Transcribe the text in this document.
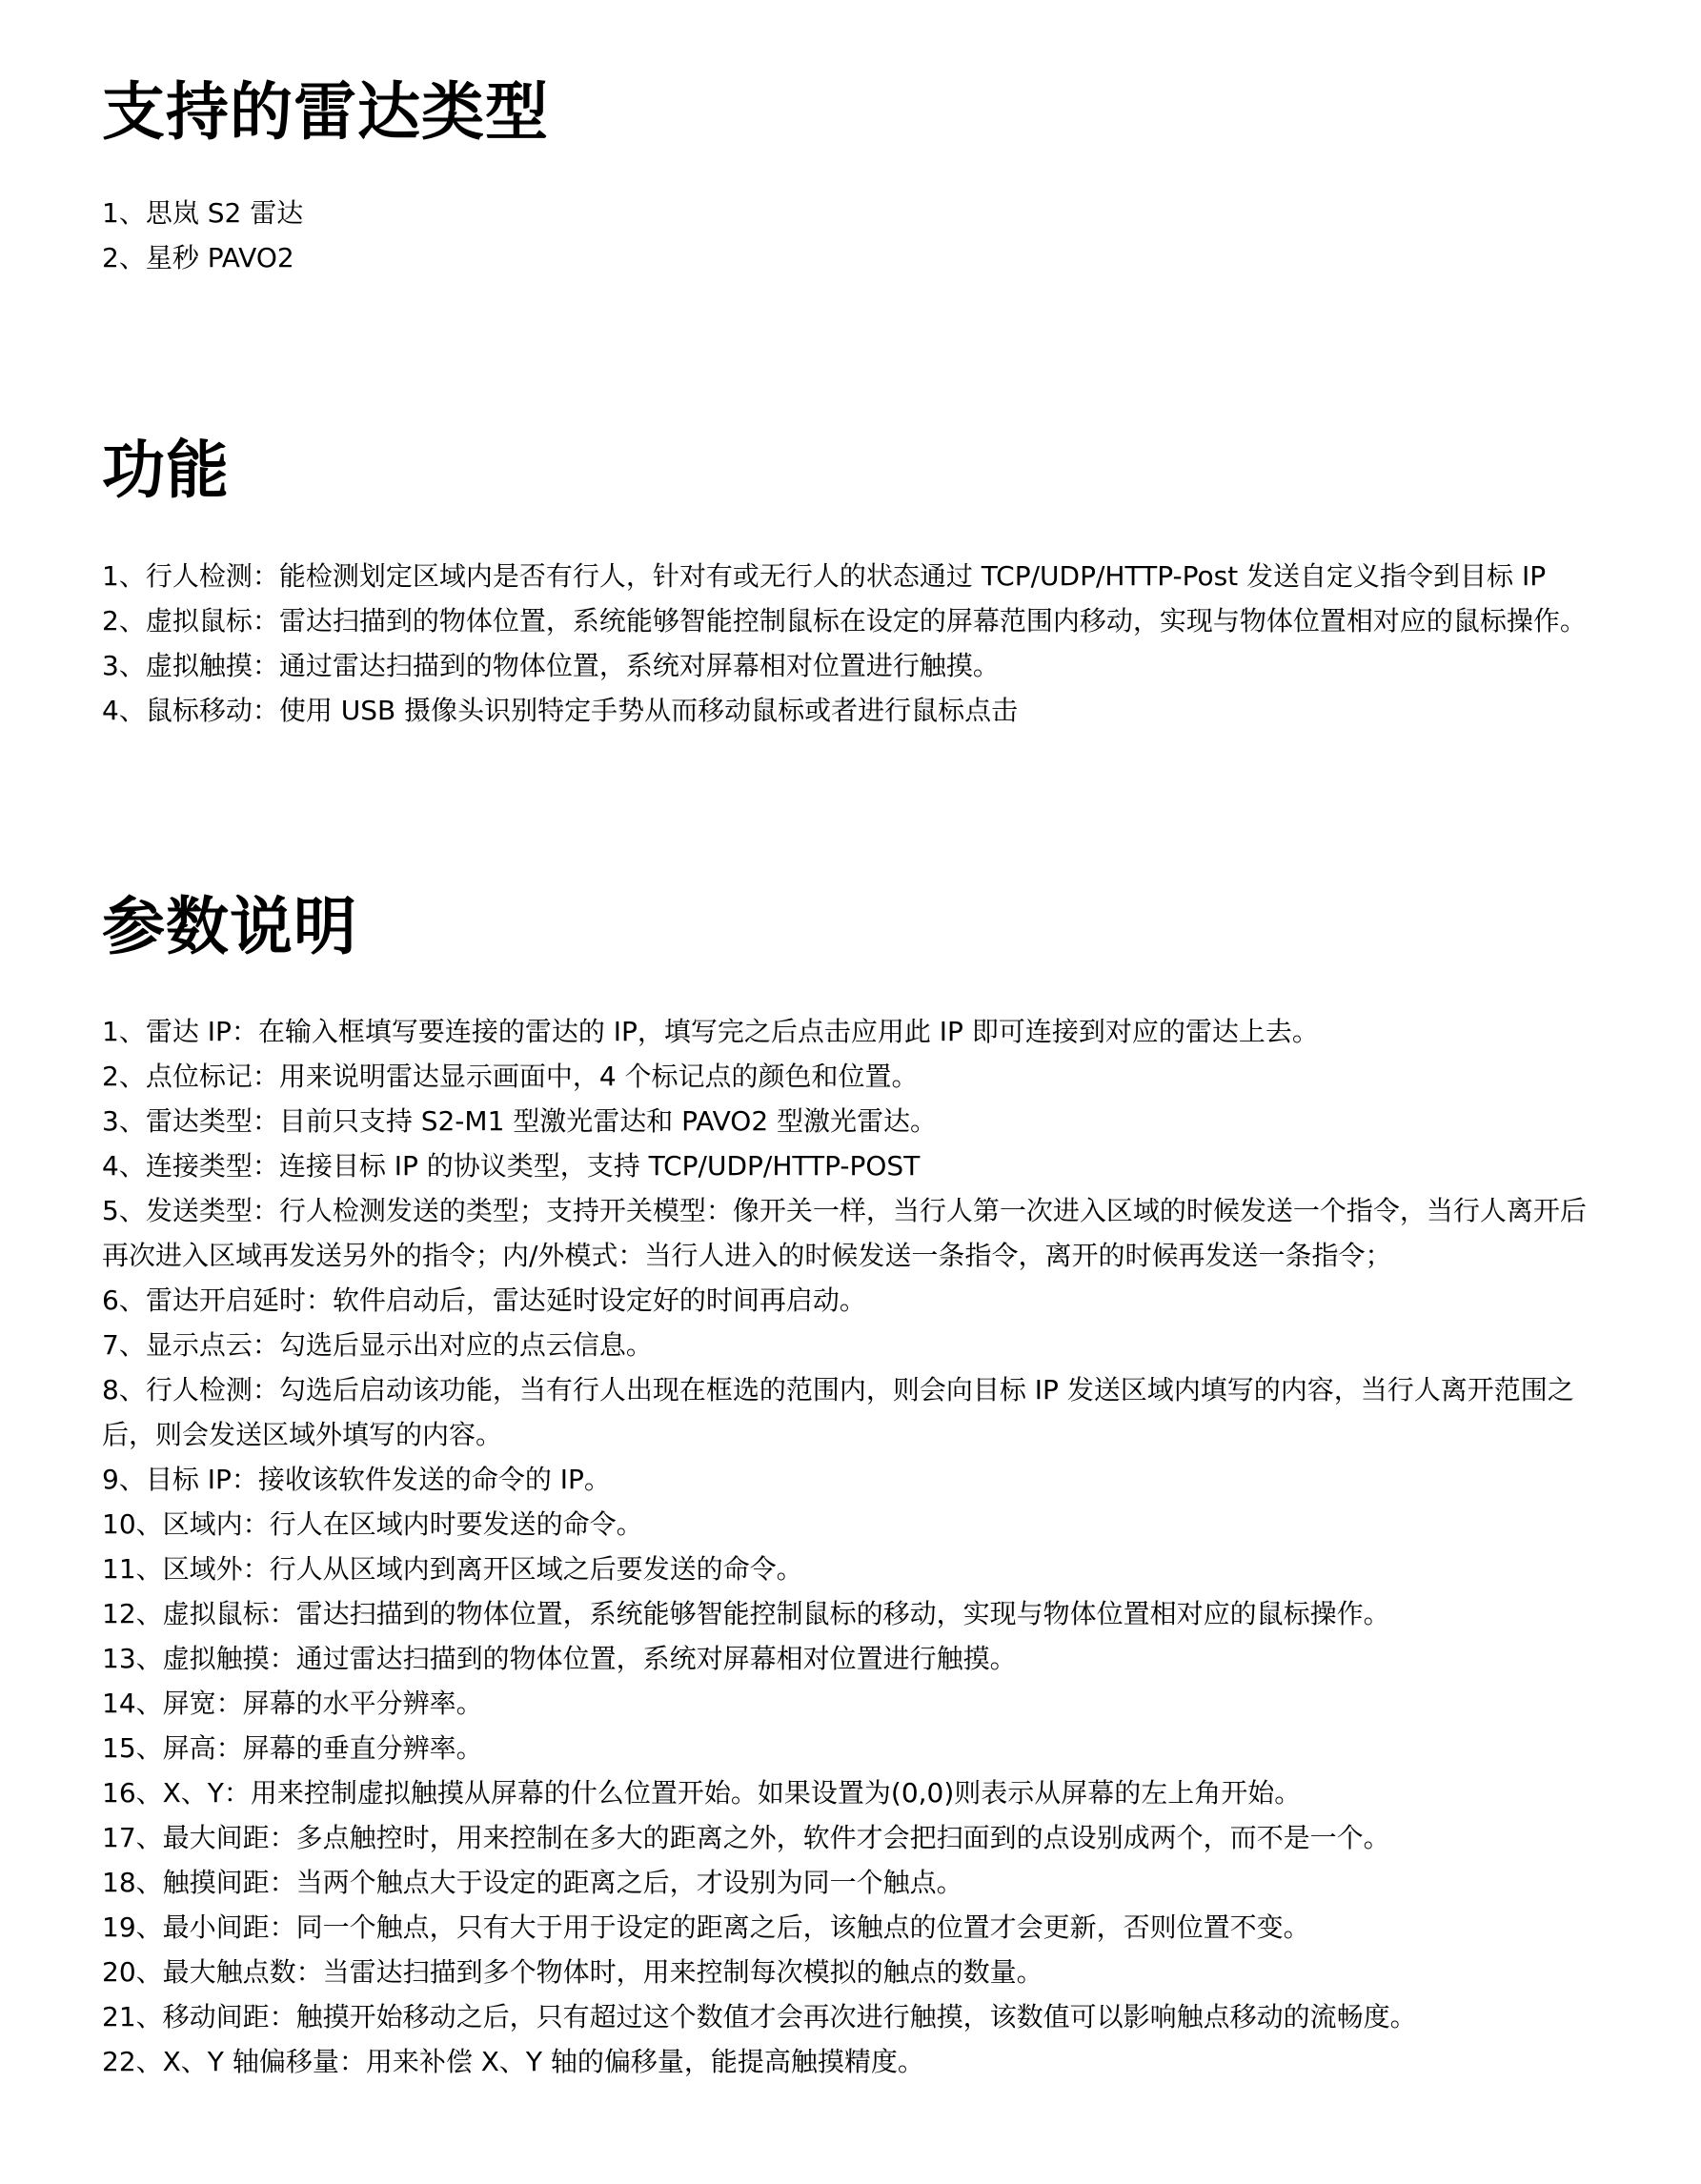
支持的雷达类型
1、思岚 S2 雷达
2、星秒 PAVO2
功能
1、行人检测：能检测划定区域内是否有行人，针对有或无行人的状态通过 TCP/UDP/HTTP-Post 发送自定义指令到目标 IP
2、虚拟鼠标：雷达扫描到的物体位置，系统能够智能控制鼠标在设定的屏幕范围内移动，实现与物体位置相对应的鼠标操作。
3、虚拟触摸：通过雷达扫描到的物体位置，系统对屏幕相对位置进行触摸。
4、鼠标移动：使用 USB 摄像头识别特定手势从而移动鼠标或者进行鼠标点击
参数说明
1、雷达 IP：在输入框填写要连接的雷达的 IP，填写完之后点击应用此 IP 即可连接到对应的雷达上去。
2、点位标记：用来说明雷达显示画面中，4 个标记点的颜色和位置。
3、雷达类型：目前只支持 S2-M1 型激光雷达和 PAVO2 型激光雷达。
4、连接类型：连接目标 IP 的协议类型，支持 TCP/UDP/HTTP-POST
5、发送类型：行人检测发送的类型；支持开关模型：像开关一样，当行人第一次进入区域的时候发送一个指令，当行人离开后再次进入区域再发送另外的指令；内/外模式：当行人进入的时候发送一条指令，离开的时候再发送一条指令；
6、雷达开启延时：软件启动后，雷达延时设定好的时间再启动。
7、显示点云：勾选后显示出对应的点云信息。
8、行人检测：勾选后启动该功能，当有行人出现在框选的范围内，则会向目标 IP 发送区域内填写的内容，当行人离开范围之后，则会发送区域外填写的内容。
9、目标 IP：接收该软件发送的命令的 IP。
10、区域内：行人在区域内时要发送的命令。
11、区域外：行人从区域内到离开区域之后要发送的命令。
12、虚拟鼠标：雷达扫描到的物体位置，系统能够智能控制鼠标的移动，实现与物体位置相对应的鼠标操作。
13、虚拟触摸：通过雷达扫描到的物体位置，系统对屏幕相对位置进行触摸。
14、屏宽：屏幕的水平分辨率。
15、屏高：屏幕的垂直分辨率。
16、X、Y：用来控制虚拟触摸从屏幕的什么位置开始。如果设置为(0,0)则表示从屏幕的左上角开始。
17、最大间距：多点触控时，用来控制在多大的距离之外，软件才会把扫面到的点设别成两个，而不是一个。
18、触摸间距：当两个触点大于设定的距离之后，才设别为同一个触点。
19、最小间距：同一个触点，只有大于用于设定的距离之后，该触点的位置才会更新，否则位置不变。
20、最大触点数：当雷达扫描到多个物体时，用来控制每次模拟的触点的数量。
21、移动间距：触摸开始移动之后，只有超过这个数值才会再次进行触摸，该数值可以影响触点移动的流畅度。
22、X、Y 轴偏移量：用来补偿 X、Y 轴的偏移量，能提高触摸精度。
